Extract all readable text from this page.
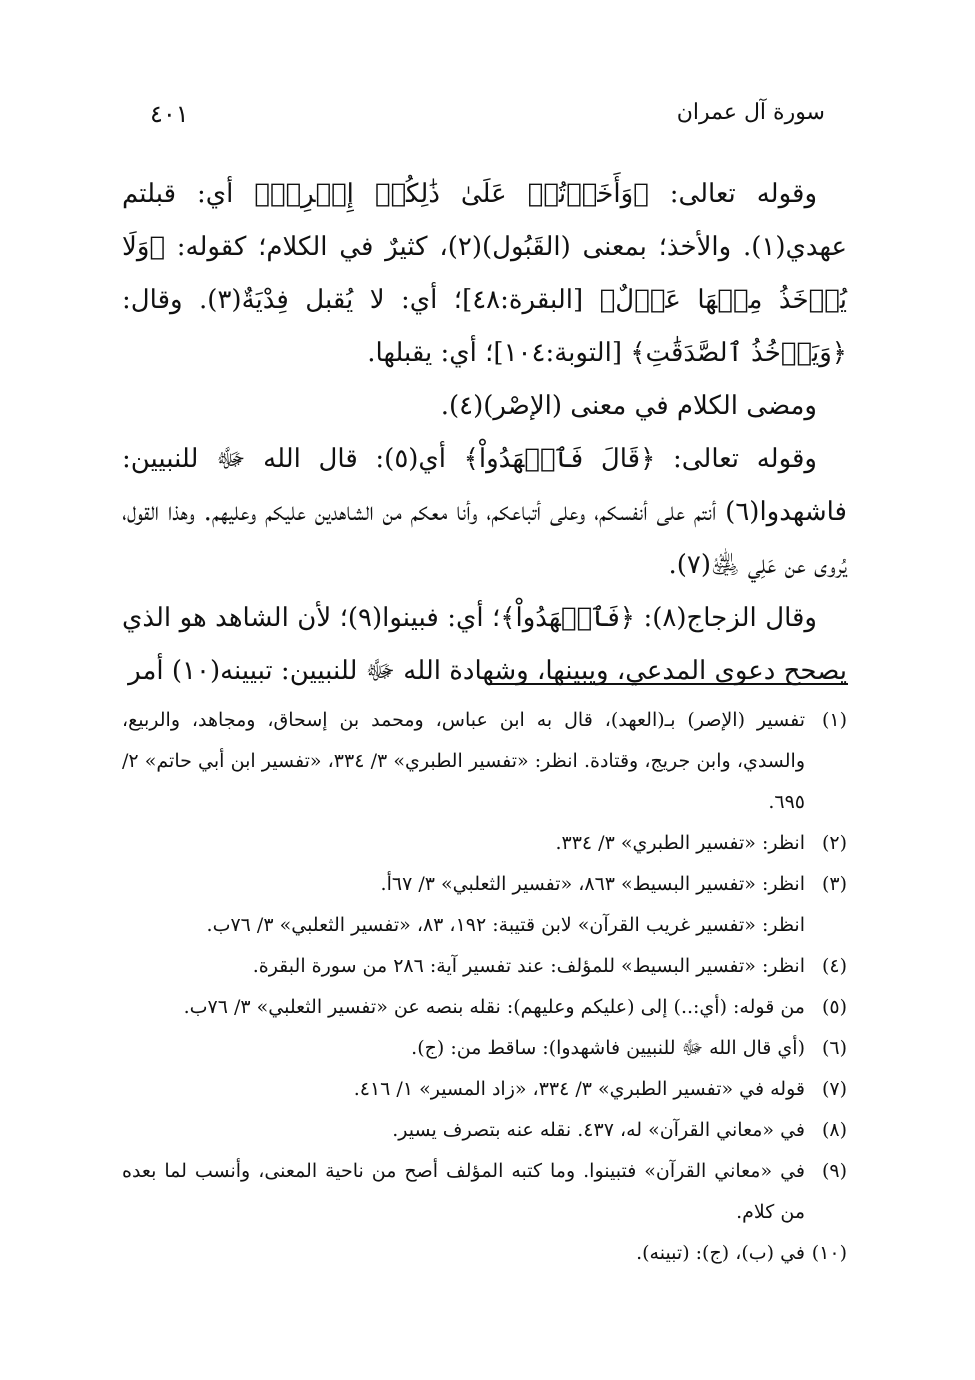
سورة آل عمران
٤٠١

وقوله تعالى: ﴿وَأَخَذۡتُمۡ عَلَىٰ ذَٰلِكُمۡ إِصۡرِيۖ﴾ أي: قبلتم عهدي(١). والأخذ؛ بمعنى (القَبُول)(٢)، كثيرٌ في الكلام؛ كقوله: ﴿وَلَا يُؤۡخَذُ مِنۡهَا عَدۡلٌ﴾ [البقرة:٤٨]؛ أي: لا يُقبل فِدْيَةٌ(٣). وقال: ﴿وَيَأۡخُذُ ٱلصَّدَقَٰتِ﴾ [التوبة:١٠٤]؛ أي: يقبلها.

ومضى الكلام في معنى (الإصْر)(٤).

وقوله تعالى: ﴿قَالَ فَٱشۡهَدُواْ﴾ أي(٥): قال الله ﷻ للنبيين: فاشهدوا(٦) أنتم على أنفسكم، وعلى أتباعكم، وأنا معكم من الشاهدين عليكم وعليهم. وهذا القول، يُروى عن عَلِي ﵁(٧).

وقال الزجاج(٨): ﴿فَٱشۡهَدُواْ﴾؛ أي: فبينوا(٩)؛ لأن الشاهد هو الذي يصحح دعوى المدعي، ويبينها، وشهادة الله ﷻ للنبيين: تبيينه(١٠) أمر

(١)
تفسير (الإصر) بـ(العهد)، قال به ابن عباس، ومحمد بن إسحاق، ومجاهد، والربيع، والسدي، وابن جريج، وقتادة. انظر: «تفسير الطبري» ٣/ ٣٣٤، «تفسير ابن أبي حاتم» ٢/ ٦٩٥.
(٢)
انظر: «تفسير الطبري» ٣/ ٣٣٤.
(٣)
انظر: «تفسير البسيط» ٨٦٣، «تفسير الثعلبي» ٣/ ٦٧أ.
انظر: «تفسير غريب القرآن» لابن قتيبة: ١٩٢، ٨٣، «تفسير الثعلبي» ٣/ ٧٦ب.
(٤)
انظر: «تفسير البسيط» للمؤلف: عند تفسير آية: ٢٨٦ من سورة البقرة.
(٥)
من قوله: (أي:..) إلى (عليكم وعليهم): نقله بنصه عن «تفسير الثعلبي» ٣/ ٧٦ب.
(٦)
(أي قال الله ﷻ للنبيين فاشهدوا): ساقط من: (ج).
(٧)
قوله في «تفسير الطبري» ٣/ ٣٣٤، «زاد المسير» ١/ ٤١٦.
(٨)
في «معاني القرآن» له، ٤٣٧. نقله عنه بتصرف يسير.
(٩)
في «معاني القرآن» فتبينوا. وما كتبه المؤلف أصح من ناحية المعنى، وأنسب لما بعده من كلام.
(١٠)
في (ب)، (ج): (تبينه).
